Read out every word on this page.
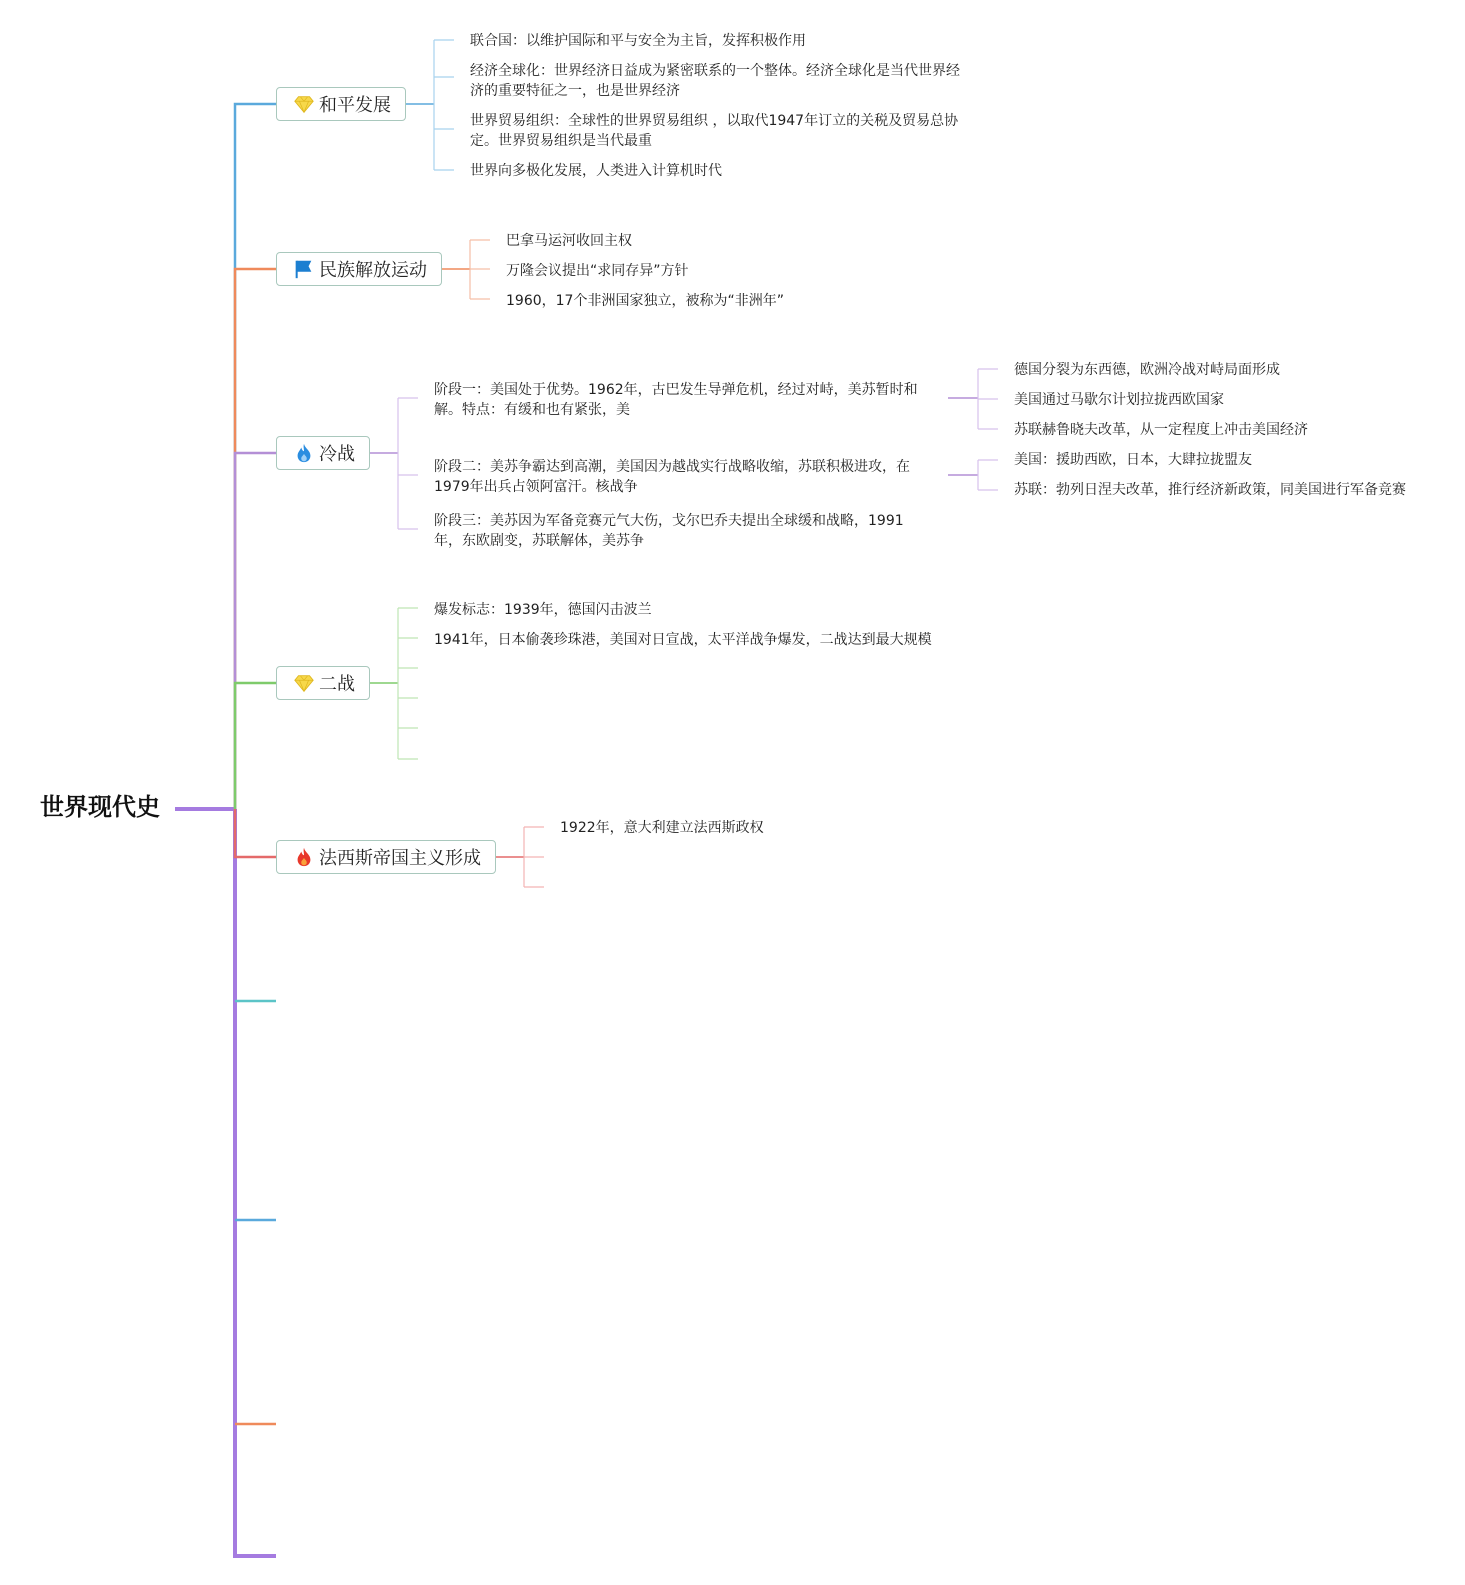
世界现代史
和平发展
联合国：以维护国际和平与安全为主旨，发挥积极作用
经济全球化：世界经济日益成为紧密联系的一个整体。经济全球化是当代世界经济的重要特征之一，也是世界经济
世界贸易组织：全球性的世界贸易组织 ，以取代1947年订立的关税及贸易总协定。世界贸易组织是当代最重
世界向多极化发展，人类进入计算机时代
民族解放运动
巴拿马运河收回主权
万隆会议提出“求同存异”方针
1960，17个非洲国家独立，被称为“非洲年”
冷战
阶段一：美国处于优势。1962年，古巴发生导弹危机，经过对峙，美苏暂时和解。特点：有缓和也有紧张，美
阶段二：美苏争霸达到高潮，美国因为越战实行战略收缩，苏联积极进攻，在1979年出兵占领阿富汗。核战争
阶段三：美苏因为军备竞赛元气大伤，戈尔巴乔夫提出全球缓和战略，1991年，东欧剧变，苏联解体，美苏争
德国分裂为东西德，欧洲冷战对峙局面形成
美国通过马歇尔计划拉拢西欧国家
苏联赫鲁晓夫改革，从一定程度上冲击美国经济
美国：援助西欧，日本，大肆拉拢盟友
苏联：勃列日涅夫改革，推行经济新政策，同美国进行军备竞赛
二战
爆发标志：1939年，德国闪击波兰
1941年，日本偷袭珍珠港，美国对日宣战，太平洋战争爆发，二战达到最大规模
法西斯帝国主义形成
1922年，意大利建立法西斯政权
